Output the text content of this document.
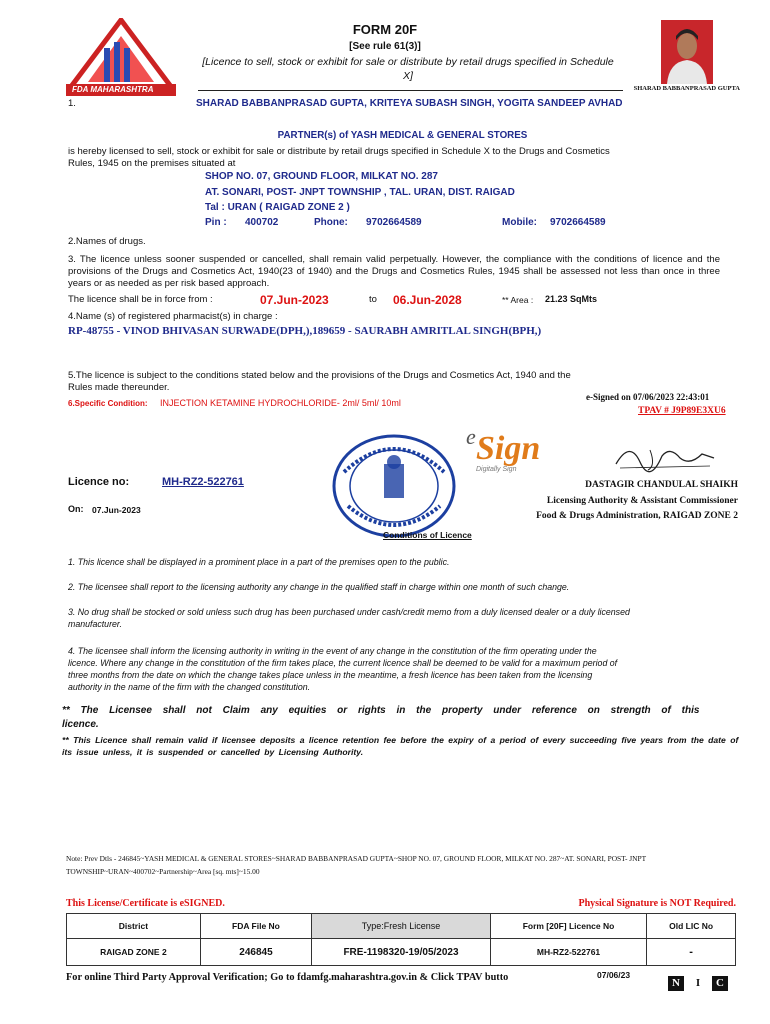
FDA MAHARASHTRA
FORM 20F
[See rule 61(3)]
[Licence to sell, stock or exhibit for sale or distribute by retail drugs specified in Schedule X]
SHARAD BABBANPRASAD GUPTA
1.	SHARAD BABBANPRASAD GUPTA, KRITEYA SUBASH SINGH, YOGITA SANDEEP AVHAD
PARTNER(s) of YASH MEDICAL & GENERAL STORES
is hereby licensed to sell, stock or exhibit for sale or distribute by retail drugs specified in Schedule X to the Drugs and Cosmetics Rules, 1945 on the premises situated at
SHOP NO. 07, GROUND FLOOR, MILKAT NO. 287
AT. SONARI, POST- JNPT TOWNSHIP , TAL. URAN, DIST. RAIGAD
Tal : URAN ( RAIGAD ZONE 2 )
Pin : 400702	Phone: 9702664589	Mobile: 9702664589
2.Names of drugs.
3. The licence unless sooner suspended or cancelled, shall remain valid perpetually. However, the compliance with the conditions of licence and the provisions of the Drugs and Cosmetics Act, 1940(23 of 1940) and the Drugs and Cosmetics Rules, 1945 shall be assessed not less than once in three years or as needed as per risk based approach.
The licence shall be in force from :	07.Jun-2023	to 06.Jun-2028	** Area : 21.23 SqMts
4.Name (s) of registered pharmacist(s) in charge :
RP-48755 - VINOD BHIVASAN SURWADE(DPH,),189659 - SAURABH AMRITLAL SINGH(BPH,)
5.The licence is subject to the conditions stated below and the provisions of the Drugs and Cosmetics Act, 1940 and the Rules made thereunder.
6.Specific Condition: INJECTION KETAMINE HYDROCHLORIDE- 2ml/ 5ml/ 10ml
e-Signed on 07/06/2023 22:43:01
TPAV # J9P89E3XU6
e Sign
Digitally Sign
Licence no:	MH-RZ2-522761
On: 07.Jun-2023
DASTAGIR CHANDULAL SHAIKH
Licensing Authority & Assistant Commissioner
Food & Drugs Administration, RAIGAD ZONE 2
Conditions of Licence
1. This licence shall be displayed in a prominent place in a part of the premises open to the public.
2. The licensee shall report to the licensing authority any change in the qualified staff in charge within one month of such change.
3. No drug shall be stocked or sold unless such drug has been purchased under cash/credit memo from a duly licensed dealer or a duly licensed manufacturer.
4. The licensee shall inform the licensing authority in writing in the event of any change in the constitution of the firm operating under the licence. Where any change in the constitution of the firm takes place, the current licence shall be deemed to be valid for a maximum period of three months from the date on which the change takes place unless in the meantime, a fresh licence has been taken from the licensing authority in the name of the firm with the changed constitution.
** The Licensee shall not Claim any equities or rights in the property under reference on strength of this licence.
** This Licence shall remain valid if licensee deposits a licence retention fee before the expiry of a period of every succeeding five years from the date of its issue unless, it is suspended or cancelled by Licensing Authority.
Note: Prev Dtls - 246845~YASH MEDICAL & GENERAL STORES~SHARAD BABBANPRASAD GUPTA~SHOP NO. 07, GROUND FLOOR, MILKAT NO. 287~AT. SONARI, POST- JNPT TOWNSHIP~URAN~400702~Partnership~Area [sq. mts]~15.00
This License/Certificate is eSIGNED.	Physical Signature is NOT Required.
District	FDA File No	Type:Fresh License	Form [20F] Licence No	Old LIC No
RAIGAD ZONE 2	246845	FRE-1198320-19/05/2023	MH-RZ2-522761	-
For online Third Party Approval Verification; Go to fdamfg.maharashtra.gov.in & Click TPAV butto	07/06/23
N I C
